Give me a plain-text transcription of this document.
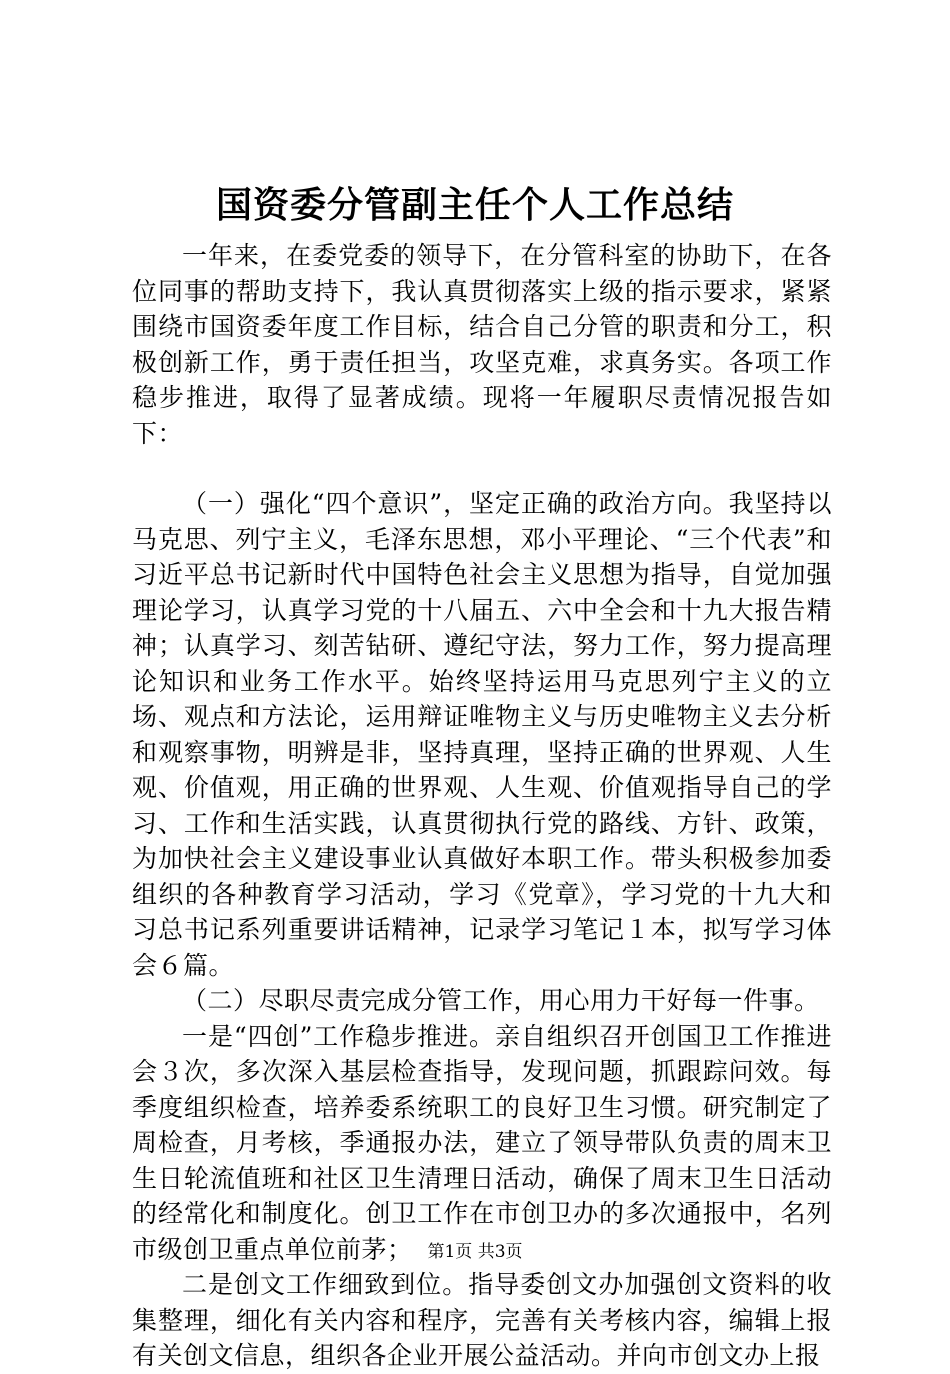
国资委分管副主任个人工作总结

一年来，在委党委的领导下，在分管科室的协助下，在各位同事的帮助支持下，我认真贯彻落实上级的指示要求，紧紧围绕市国资委年度工作目标，结合自己分管的职责和分工，积极创新工作，勇于责任担当，攻坚克难，求真务实。各项工作稳步推进，取得了显著成绩。现将一年履职尽责情况报告如下：

（一）强化“四个意识”，坚定正确的政治方向。我坚持以马克思、列宁主义，毛泽东思想，邓小平理论、“三个代表”和习近平总书记新时代中国特色社会主义思想为指导，自觉加强理论学习，认真学习党的十八届五、六中全会和十九大报告精神；认真学习、刻苦钻研、遵纪守法，努力工作，努力提高理论知识和业务工作水平。始终坚持运用马克思列宁主义的立场、观点和方法论，运用辩证唯物主义与历史唯物主义去分析和观察事物，明辨是非，坚持真理，坚持正确的世界观、人生观、价值观，用正确的世界观、人生观、价值观指导自己的学习、工作和生活实践，认真贯彻执行党的路线、方针、政策，为加快社会主义建设事业认真做好本职工作。带头积极参加委组织的各种教育学习活动，学习《党章》，学习党的十九大和习总书记系列重要讲话精神，记录学习笔记１本，拟写学习体会６篇。

（二）尽职尽责完成分管工作，用心用力干好每一件事。

一是“四创”工作稳步推进。亲自组织召开创国卫工作推进会３次，多次深入基层检查指导，发现问题，抓跟踪问效。每季度组织检查，培养委系统职工的良好卫生习惯。研究制定了周检查，月考核，季通报办法，建立了领导带队负责的周末卫生日轮流值班和社区卫生清理日活动，确保了周末卫生日活动的经常化和制度化。创卫工作在市创卫办的多次通报中，名列市级创卫重点单位前茅；

二是创文工作细致到位。指导委创文办加强创文资料的收集整理，细化有关内容和程序，完善有关考核内容，编辑上报有关创文信息，组织各企业开展公益活动。并向市创文办上报

第1页 共3页
